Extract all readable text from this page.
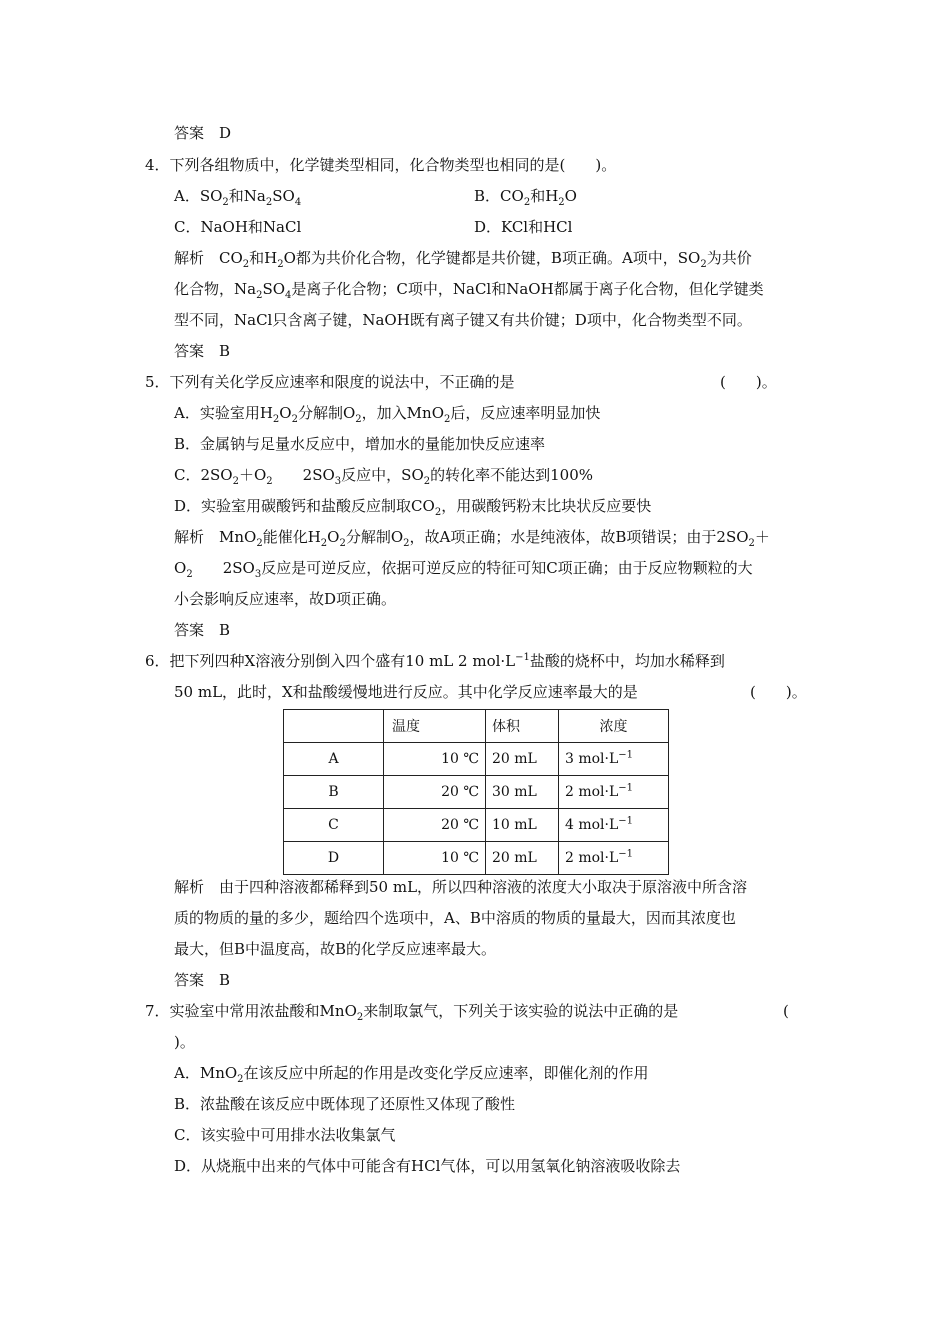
答案　D
4．下列各组物质中，化学键类型相同，化合物类型也相同的是(　　)。
A．$SO_2$和$Na_2SO_4$	B．$CO_2$和$H_2O$
C．NaOH和NaCl	D．KCl和HCl
解析　$CO_2$和$H_2O$都为共价化合物，化学键都是共价键，B项正确。A项中，$SO_2$为共价
化合物，$Na_2SO_4$是离子化合物；C项中，NaCl和NaOH都属于离子化合物，但化学键类
型不同，NaCl只含离子键，NaOH既有离子键又有共价键；D项中，化合物类型不同。
答案　B
5．下列有关化学反应速率和限度的说法中，不正确的是	(　　)。
A．实验室用$H_2O_2$分解制$O_2$，加入MnO$_2$后，反应速率明显加快
B．金属钠与足量水反应中，增加水的量能加快反应速率
C．$2SO_2+O_2$　　$2SO_3$反应中，$SO_2$的转化率不能达到100%
D．实验室用碳酸钙和盐酸反应制取$CO_2$，用碳酸钙粉末比块状反应要快
解析　MnO$_2$能催化$H_2O_2$分解制$O_2$，故A项正确；水是纯液体，故B项错误；由于$2SO_2+$
$O_2$　　$2SO_3$反应是可逆反应，依据可逆反应的特征可知C项正确；由于反应物颗粒的大
小会影响反应速率，故D项正确。
答案　B
6．把下列四种X溶液分别倒入四个盛有10 mL 2 $mol\cdot L^{-1}$盐酸的烧杯中，均加水稀释到
50 mL，此时，X和盐酸缓慢地进行反应。其中化学反应速率最大的是	(　　)。
	温度	体积	浓度
A	10 ℃	20 mL	3 $mol\cdot L^{-1}$
B	20 ℃	30 mL	2 $mol\cdot L^{-1}$
C	20 ℃	10 mL	4 $mol\cdot L^{-1}$
D	10 ℃	20 mL	2 $mol\cdot L^{-1}$
解析　由于四种溶液都稀释到50 mL，所以四种溶液的浓度大小取决于原溶液中所含溶
质的物质的量的多少，题给四个选项中，A、B中溶质的物质的量最大，因而其浓度也
最大，但B中温度高，故B的化学反应速率最大。
答案　B
7．实验室中常用浓盐酸和MnO$_2$来制取氯气，下列关于该实验的说法中正确的是	(
)。
A．MnO$_2$在该反应中所起的作用是改变化学反应速率，即催化剂的作用
B．浓盐酸在该反应中既体现了还原性又体现了酸性
C．该实验中可用排水法收集氯气
D．从烧瓶中出来的气体中可能含有HCl气体，可以用氢氧化钠溶液吸收除去
